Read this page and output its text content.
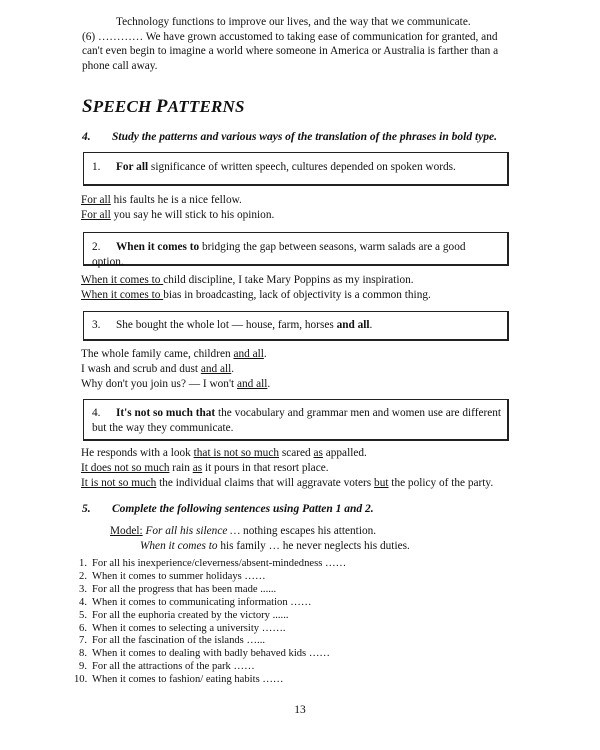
Technology functions to improve our lives, and the way that we communicate.
(6) ………… We have grown accustomed to taking ease of communication for granted, and
can't even begin to imagine a world where someone in America or Australia is farther than a
phone call away.
SPEECH PATTERNS
4. Study the patterns and various ways of the translation of the phrases in bold type.
1. For all significance of written speech, cultures depended on spoken words.
For all his faults he is a nice fellow.
For all you say he will stick to his opinion.
2. When it comes to bridging the gap between seasons, warm salads are a good option.
When it comes to child discipline, I take Mary Poppins as my inspiration.
When it comes to bias in broadcasting, lack of objectivity is a common thing.
3. She bought the whole lot — house, farm, horses and all.
The whole family came, children and all.
I wash and scrub and dust and all.
Why don't you join us? — I won't and all.
4. It's not so much that the vocabulary and grammar men and women use are different
but the way they communicate.
He responds with a look that is not so much scared as appalled.
It does not so much rain as it pours in that resort place.
It is not so much the individual claims that will aggravate voters but the policy of the party.
5. Complete the following sentences using Patten 1 and 2.
Model: For all his silence … nothing escapes his attention.
When it comes to his family … he never neglects his duties.
1. For all his inexperience/cleverness/absent-mindedness ……
2. When it comes to summer holidays ……
3. For all the progress that has been made ......
4. When it comes to communicating information ……
5. For all the euphoria created by the victory ......
6. When it comes to selecting a university …….
7. For all the fascination of the islands …...
8. When it comes to dealing with badly behaved kids ……
9. For all the attractions of the park ……
10. When it comes to fashion/ eating habits ……
13
